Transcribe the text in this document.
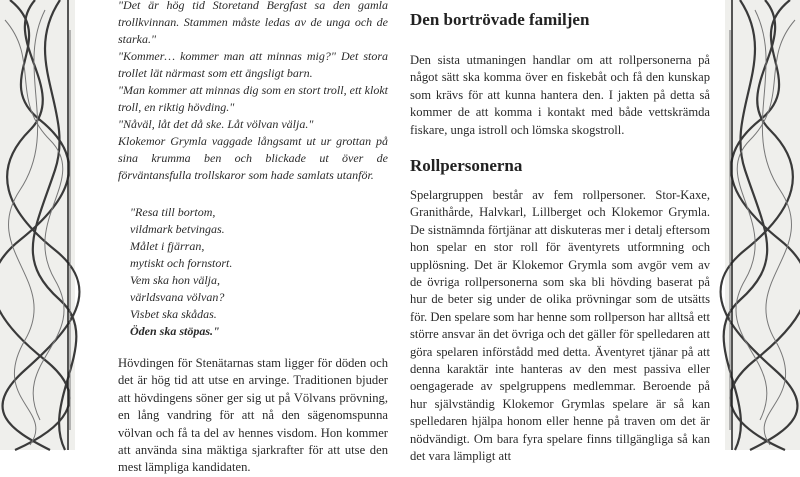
"Det är hög tid Storetand Bergfast sa den gamla trollkvinnan. Stammen måste ledas av de unga och de starka."

"Kommer… kommer man att minnas mig?" Det stora trollet lät närmast som ett ängsligt barn.

"Man kommer att minnas dig som en stort troll, ett klokt troll, en riktig hövding."

"Nåväl, låt det då ske. Låt völvan välja."

Klokemor Grymla vaggade långsamt ut ur grottan på sina krumma ben och blickade ut över de förväntansfulla trollskaror som hade samlats utanför.

"Resa till bortom,
vildmark betvingas.
Målet i fjärran,
mytiskt och fornstort.
Vem ska hon välja,
världsvana völvan?
Visbet ska skådas.
Öden ska stöpas."

Hövdingen för Stenätarnas stam ligger för döden och det är hög tid att utse en arvinge. Traditionen bjuder att hövdingens söner ger sig ut på Völvans prövning, en lång vandring för att nå den sägenomspunna völvan och få ta del av hennes visdom. Hon kommer att använda sina mäktiga sjarkrafter för att utse den mest lämpliga kandidaten.

Den bortrövade familjen

Den sista utmaningen handlar om att rollpersonerna på något sätt ska komma över en fiskebåt och få den kunskap som krävs för att kunna hantera den. I jakten på detta så kommer de att komma i kontakt med både vettskrämda fiskare, unga istroll och lömska skogstroll.

Rollpersonerna

Spelargruppen består av fem rollpersoner. Stor-Kaxe, Granithårde, Halvkarl, Lillberget och Klokemor Grymla. De sistnämnda förtjänar att diskuteras mer i detalj eftersom hon spelar en stor roll för äventyrets utformning och upplösning. Det är Klokemor Grymla som avgör vem av de övriga rollpersonerna som ska bli hövding baserat på hur de beter sig under de olika prövningar som de utsätts för. Den spelare som har henne som rollperson har alltså ett större ansvar än det övriga och det gäller för spelledaren att göra spelaren införstådd med detta. Äventyret tjänar på att denna karaktär inte hanteras av den mest passiva eller oengagerade av spelgruppens medlemmar. Beroende på hur självständig Klokemor Grymlas spelare är så kan spelledaren hjälpa honom eller henne på traven om det är nödvändigt. Om bara fyra spelare finns tillgängliga så kan det vara lämpligt att
